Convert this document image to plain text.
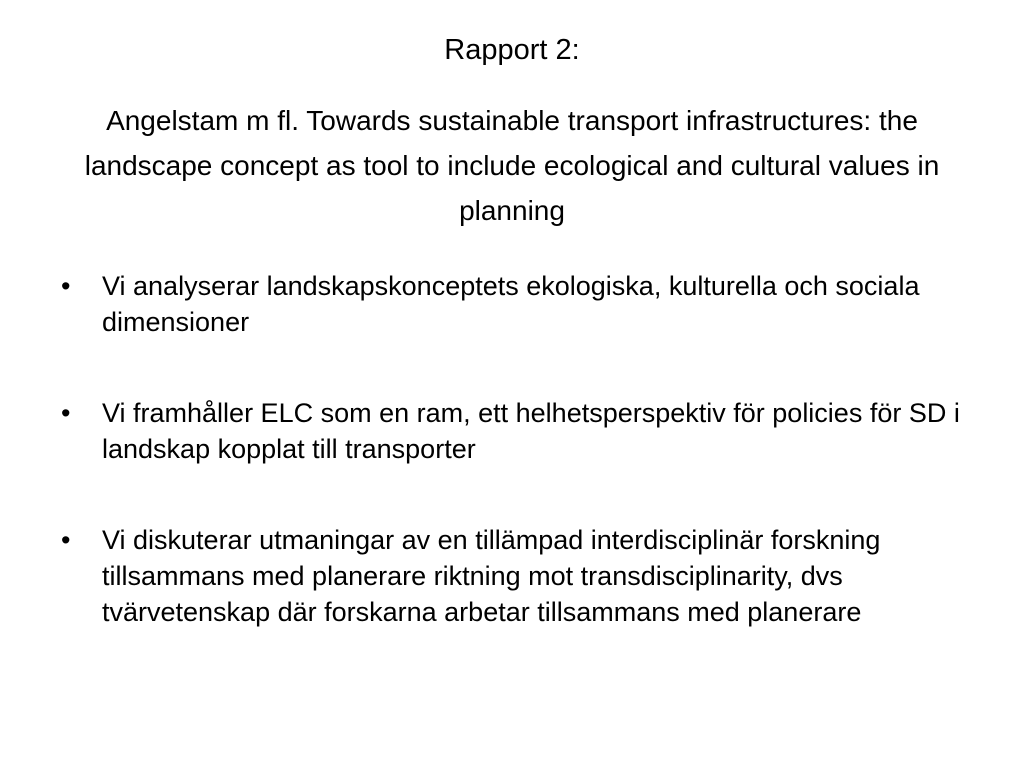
Rapport 2:

Angelstam m fl. Towards sustainable transport infrastructures: the landscape concept as tool to include ecological and cultural values in planning

• Vi analyserar landskapskonceptets ekologiska, kulturella och sociala dimensioner
• Vi framhåller ELC som en ram, ett helhetsperspektiv för policies för SD i landskap kopplat till transporter
• Vi diskuterar utmaningar av en tillämpad interdisciplinär forskning tillsammans med planerare riktning mot transdisciplinarity, dvs tvärvetenskap där forskarna arbetar tillsammans med planerare
